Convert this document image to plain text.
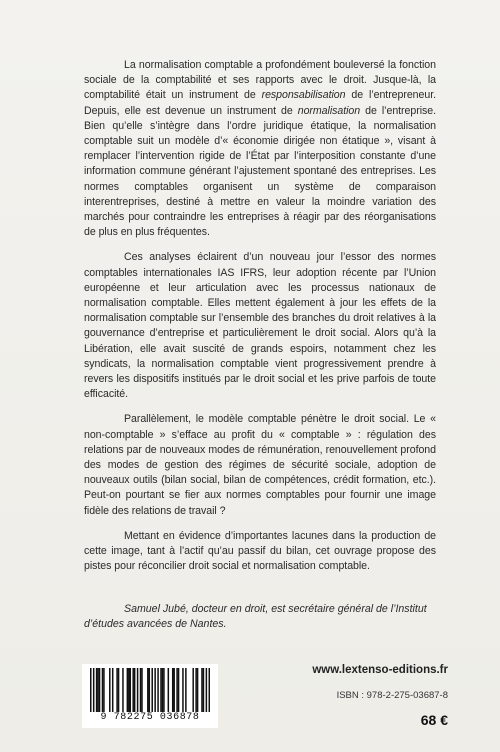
La normalisation comptable a profondément bouleversé la fonction sociale de la comptabilité et ses rapports avec le droit. Jusque-là, la comptabilité était un instrument de responsabilisation de l’entrepreneur. Depuis, elle est devenue un instrument de normalisation de l’entreprise. Bien qu’elle s’intègre dans l’ordre juridique étatique, la normalisation comptable suit un modèle d’« économie dirigée non étatique », visant à remplacer l’intervention rigide de l’État par l’interposition constante d’une information commune générant l’ajustement spontané des entreprises. Les normes comptables organisent un système de comparaison interentreprises, destiné à mettre en valeur la moindre variation des marchés pour contraindre les entreprises à réagir par des réorganisations de plus en plus fréquentes.

Ces analyses éclairent d’un nouveau jour l’essor des normes comptables internationales IAS IFRS, leur adoption récente par l’Union européenne et leur articulation avec les processus nationaux de normalisation comptable. Elles mettent également à jour les effets de la normalisation comptable sur l’ensemble des branches du droit relatives à la gouvernance d’entreprise et particulièrement le droit social. Alors qu’à la Libération, elle avait suscité de grands espoirs, notamment chez les syndicats, la normalisation comptable vient progressivement prendre à revers les dispositifs institués par le droit social et les prive parfois de toute efficacité.

Parallèlement, le modèle comptable pénètre le droit social. Le « non-comptable » s’efface au profit du « comptable » : régulation des relations par de nouveaux modes de rémunération, renouvellement profond des modes de gestion des régimes de sécurité sociale, adoption de nouveaux outils (bilan social, bilan de compétences, crédit formation, etc.). Peut-on pourtant se fier aux normes comptables pour fournir une image fidèle des relations de travail ?

Mettant en évidence d’importantes lacunes dans la production de cette image, tant à l’actif qu’au passif du bilan, cet ouvrage propose des pistes pour réconcilier droit social et normalisation comptable.

Samuel Jubé, docteur en droit, est secrétaire général de l’Institut d’études avancées de Nantes.
9 782275 036878
www.lextenso-editions.fr
ISBN : 978-2-275-03687-8
68 €
